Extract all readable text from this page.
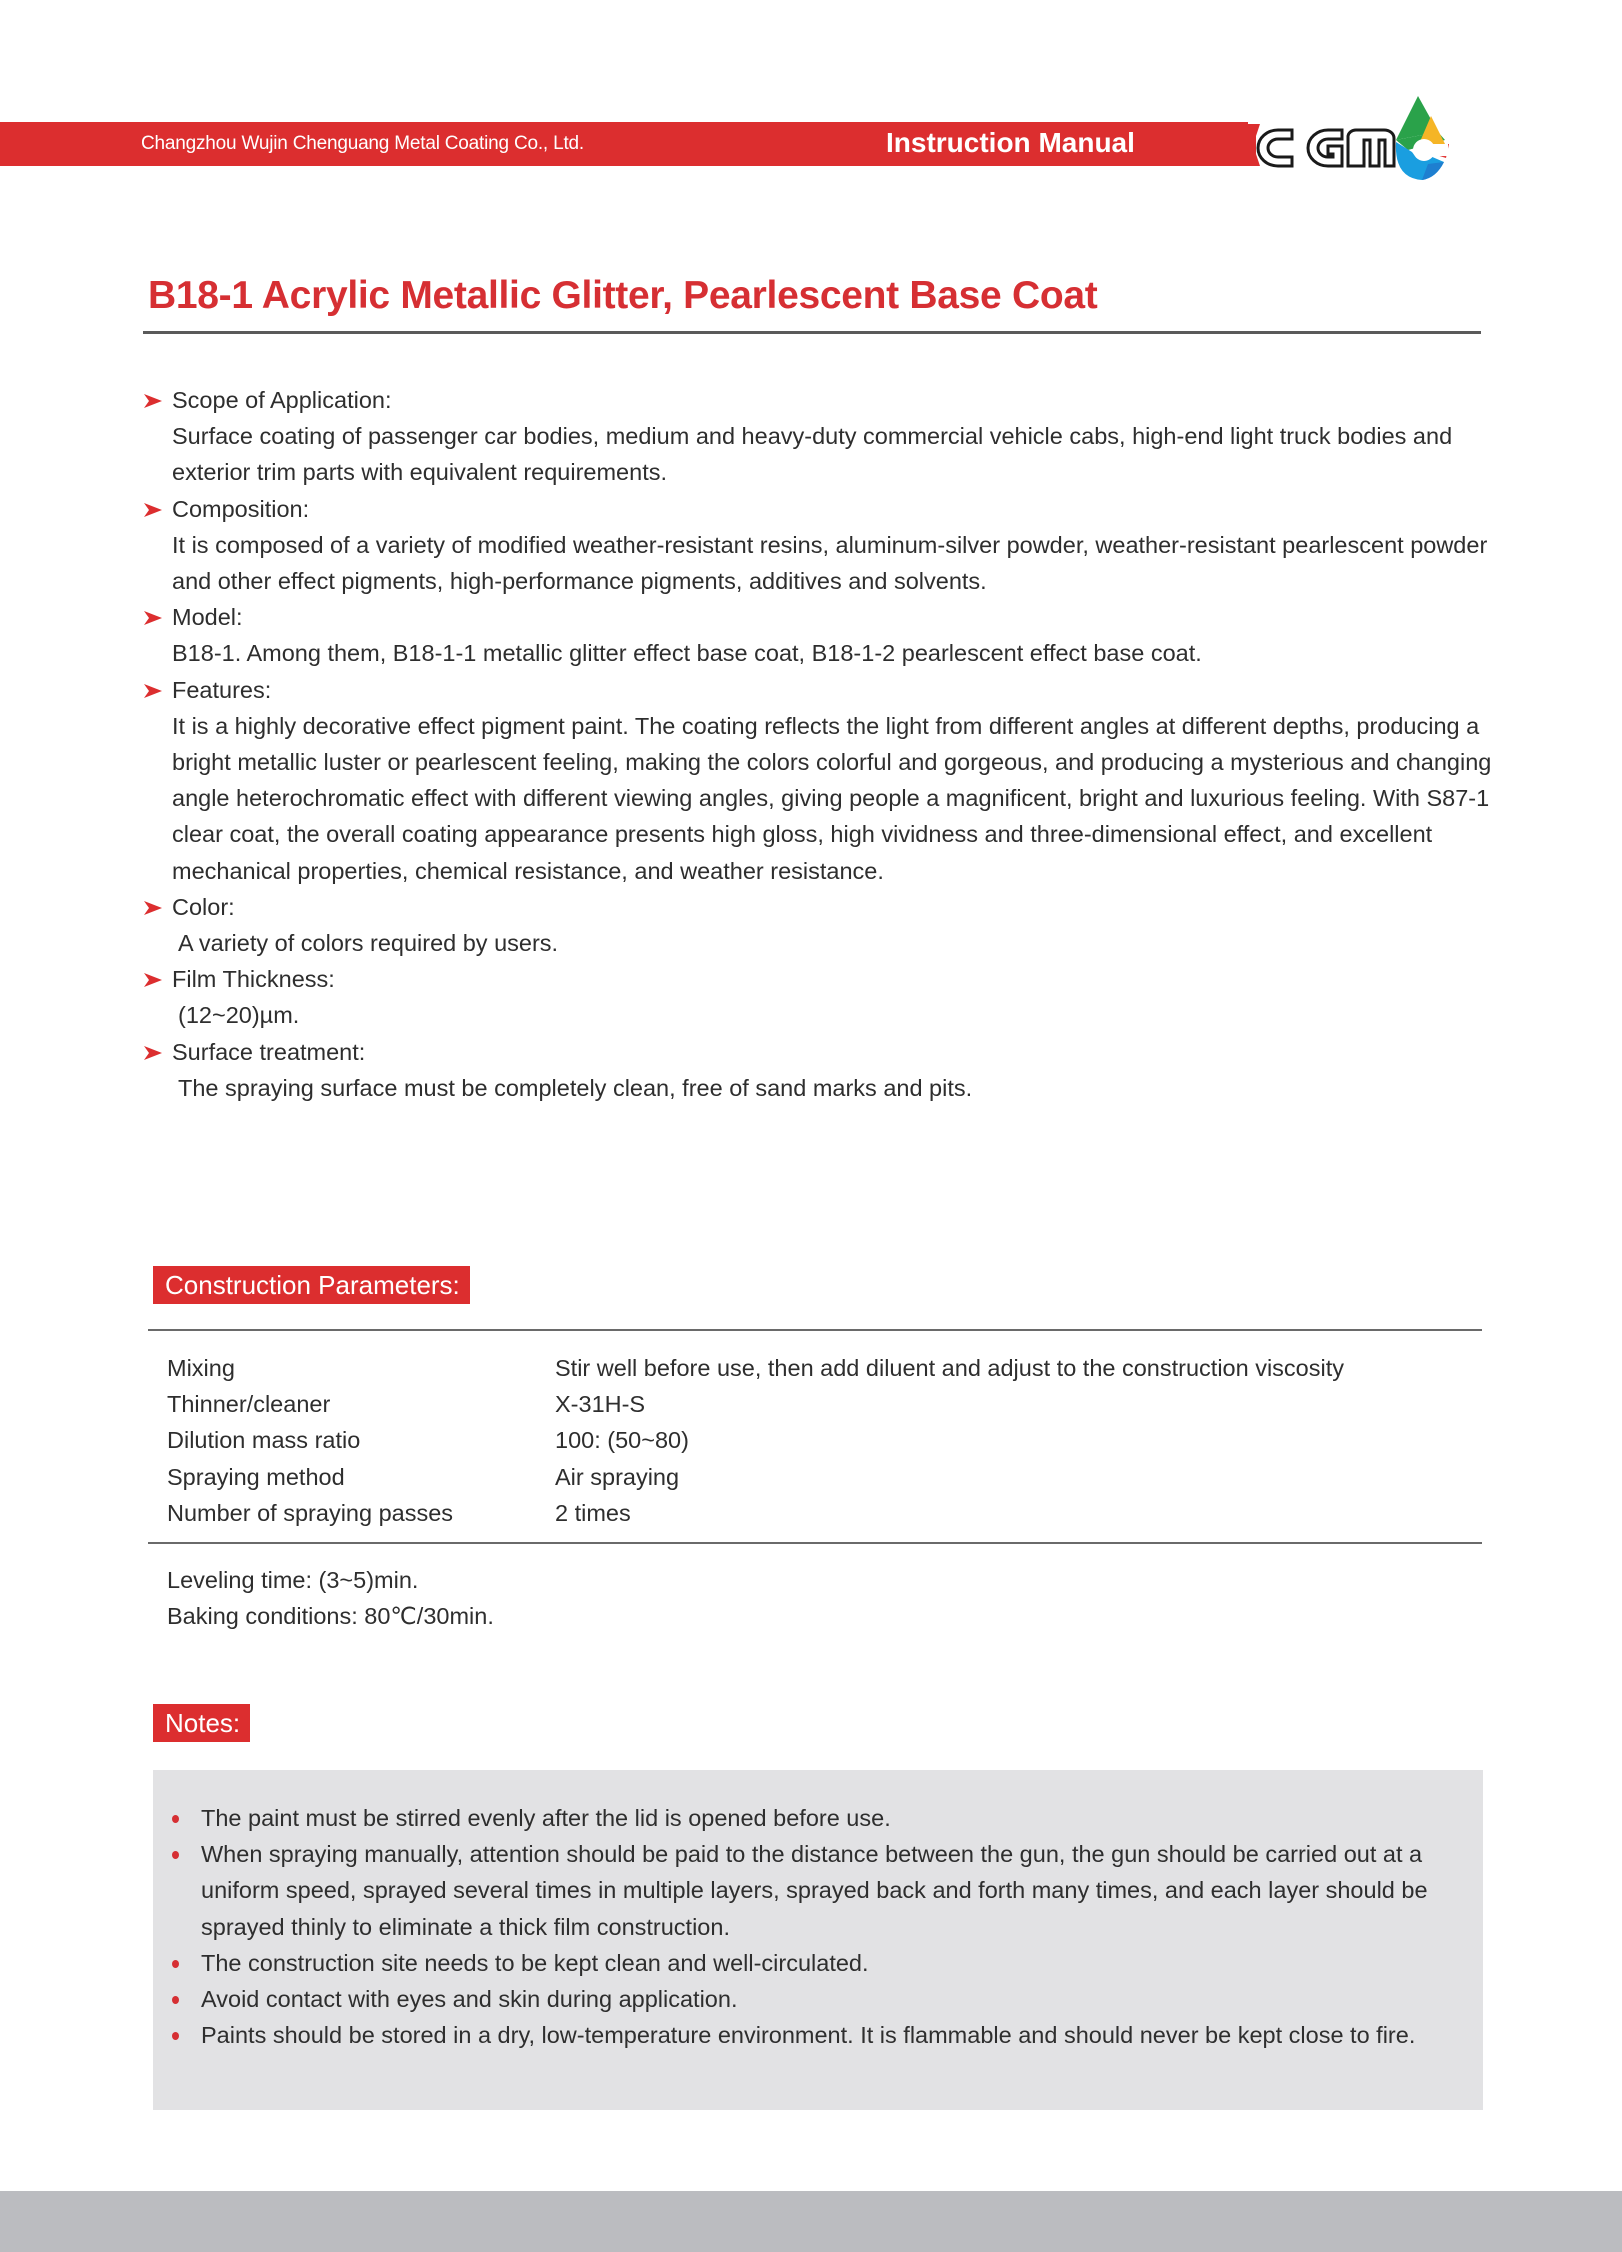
Changzhou Wujin Chenguang Metal Coating Co., Ltd.	Instruction Manual
B18-1 Acrylic Metallic Glitter, Pearlescent Base Coat
Scope of Application:
Surface coating of passenger car bodies, medium and heavy-duty commercial vehicle cabs, high-end light truck bodies and exterior trim parts with equivalent requirements.
Composition:
It is composed of a variety of modified weather-resistant resins, aluminum-silver powder, weather-resistant pearlescent powder and other effect pigments, high-performance pigments, additives and solvents.
Model:
B18-1. Among them, B18-1-1 metallic glitter effect base coat, B18-1-2 pearlescent effect base coat.
Features:
It is a highly decorative effect pigment paint. The coating reflects the light from different angles at different depths, producing a bright metallic luster or pearlescent feeling, making the colors colorful and gorgeous, and producing a mysterious and changing angle heterochromatic effect with different viewing angles, giving people a magnificent, bright and luxurious feeling. With S87-1 clear coat, the overall coating appearance presents high gloss, high vividness and three-dimensional effect, and excellent mechanical properties, chemical resistance, and weather resistance.
Color:
A variety of colors required by users.
Film Thickness:
(12~20)µm.
Surface treatment:
The spraying surface must be completely clean, free of sand marks and pits.
Construction Parameters:
Mixing	Stir well before use, then add diluent and adjust to the construction viscosity
Thinner/cleaner	X-31H-S
Dilution mass ratio	100: (50~80)
Spraying method	Air spraying
Number of spraying passes	2 times
Leveling time: (3~5)min.
Baking conditions: 80℃/30min.
Notes:
The paint must be stirred evenly after the lid is opened before use.
When spraying manually, attention should be paid to the distance between the gun, the gun should be carried out at a uniform speed, sprayed several times in multiple layers, sprayed back and forth many times, and each layer should be sprayed thinly to eliminate a thick film construction.
The construction site needs to be kept clean and well-circulated.
Avoid contact with eyes and skin during application.
Paints should be stored in a dry, low-temperature environment. It is flammable and should never be kept close to fire.
